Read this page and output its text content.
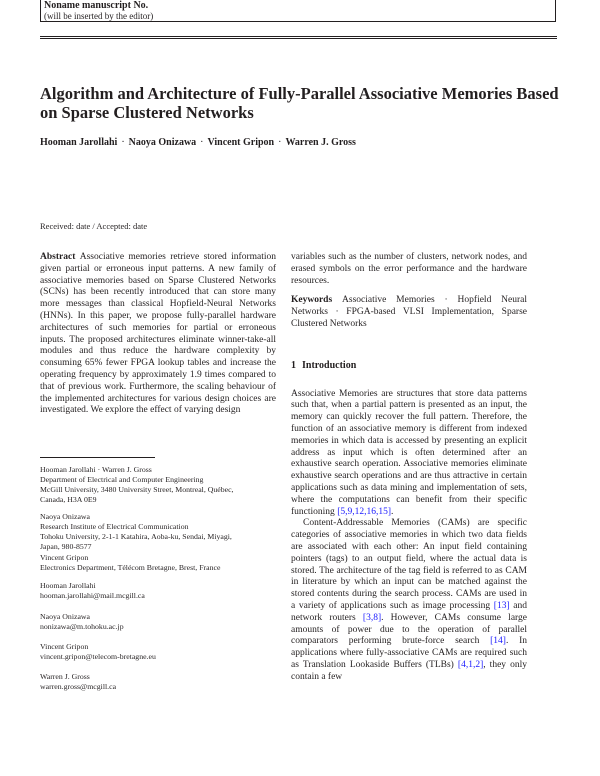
Noname manuscript No.
(will be inserted by the editor)
Algorithm and Architecture of Fully-Parallel Associative Memories Based on Sparse Clustered Networks
Hooman Jarollahi · Naoya Onizawa · Vincent Gripon · Warren J. Gross
Received: date / Accepted: date

Abstract Associative memories retrieve stored information given partial or erroneous input patterns. A new family of associative memories based on Sparse Clustered Networks (SCNs) has been recently introduced that can store many more messages than classical Hopfield-Neural Networks (HNNs). In this paper, we propose fully-parallel hardware architectures of such memories for partial or erroneous inputs. The proposed architectures eliminate winner-take-all modules and thus reduce the hardware complexity by consuming 65% fewer FPGA lookup tables and increase the operating frequency by approximately 1.9 times compared to that of previous work. Furthermore, the scaling behaviour of the implemented architectures for various design choices are investigated. We explore the effect of varying design

Hooman Jarollahi · Warren J. Gross
Department of Electrical and Computer Engineering
McGill University, 3480 University Street, Montreal, Québec,
Canada, H3A 0E9
Naoya Onizawa
Research Institute of Electrical Communication
Tohoku University, 2-1-1 Katahira, Aoba-ku, Sendai, Miyagi,
Japan, 980-8577
Vincent Gripon
Electronics Department, Télécom Bretagne, Brest, France
Hooman Jarollahi
hooman.jarollahi@mail.mcgill.ca
Naoya Onizawa
nonizawa@m.tohoku.ac.jp
Vincent Gripon
vincent.gripon@telecom-bretagne.eu
Warren J. Gross
warren.gross@mcgill.ca

variables such as the number of clusters, network nodes, and erased symbols on the error performance and the hardware resources.

Keywords Associative Memories · Hopfield Neural Networks · FPGA-based VLSI Implementation, Sparse Clustered Networks

1 Introduction

Associative Memories are structures that store data patterns such that, when a partial pattern is presented as an input, the memory can quickly recover the full pattern. Therefore, the function of an associative memory is different from indexed memories in which data is accessed by presenting an explicit address as input which is often determined after an exhaustive search operation. Associative memories eliminate exhaustive search operations and are thus attractive in certain applications such as data mining and implementation of sets, where the computations can benefit from their specific functioning [5,9,12,16,15].

Content-Addressable Memories (CAMs) are specific categories of associative memories in which two data fields are associated with each other: An input field containing pointers (tags) to an output field, where the actual data is stored. The architecture of the tag field is referred to as CAM in literature by which an input can be matched against the stored contents during the search process. CAMs are used in a variety of applications such as image processing [13] and network routers [3,8]. However, CAMs consume large amounts of power due to the operation of parallel comparators performing brute-force search [14]. In applications where fully-associative CAMs are required such as Translation Lookaside Buffers (TLBs) [4,1,2], they only contain a few
